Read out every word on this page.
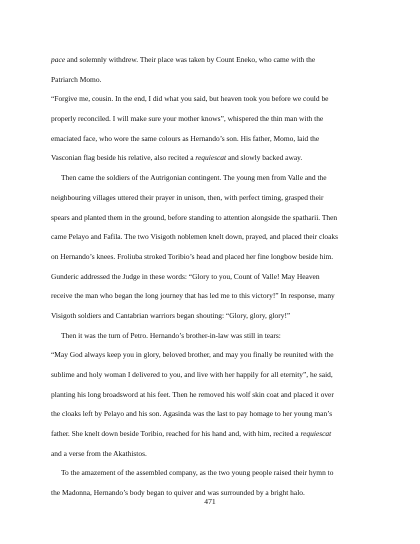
pace and solemnly withdrew. Their place was taken by Count Eneko, who came with the
Patriarch Momo.
“Forgive me, cousin. In the end, I did what you said, but heaven took you before we could be
properly reconciled. I will make sure your mother knows”, whispered the thin man with the
emaciated face, who wore the same colours as Hernando’s son. His father, Momo, laid the
Vasconian flag beside his relative, also recited a requiescat and slowly backed away.
Then came the soldiers of the Autrigonian contingent. The young men from Valle and the
neighbouring villages uttered their prayer in unison, then, with perfect timing, grasped their
spears and planted them in the ground, before standing to attention alongside the spatharii. Then
came Pelayo and Fafila. The two Visigoth noblemen knelt down, prayed, and placed their cloaks
on Hernando’s knees. Froliuba stroked Toribio’s head and placed her fine longbow beside him.
Gunderic addressed the Judge in these words: “Glory to you, Count of Valle! May Heaven
receive the man who began the long journey that has led me to this victory!” In response, many
Visigoth soldiers and Cantabrian warriors began shouting: “Glory, glory, glory!”
Then it was the turn of Petro. Hernando’s brother-in-law was still in tears:
“May God always keep you in glory, beloved brother, and may you finally be reunited with the
sublime and holy woman I delivered to you, and live with her happily for all eternity”, he said,
planting his long broadsword at his feet. Then he removed his wolf skin coat and placed it over
the cloaks left by Pelayo and his son. Agasinda was the last to pay homage to her young man’s
father. She knelt down beside Toribio, reached for his hand and, with him, recited a requiescat
and a verse from the Akathistos.
To the amazement of the assembled company, as the two young people raised their hymn to
the Madonna, Hernando’s body began to quiver and was surrounded by a bright halo.
471
